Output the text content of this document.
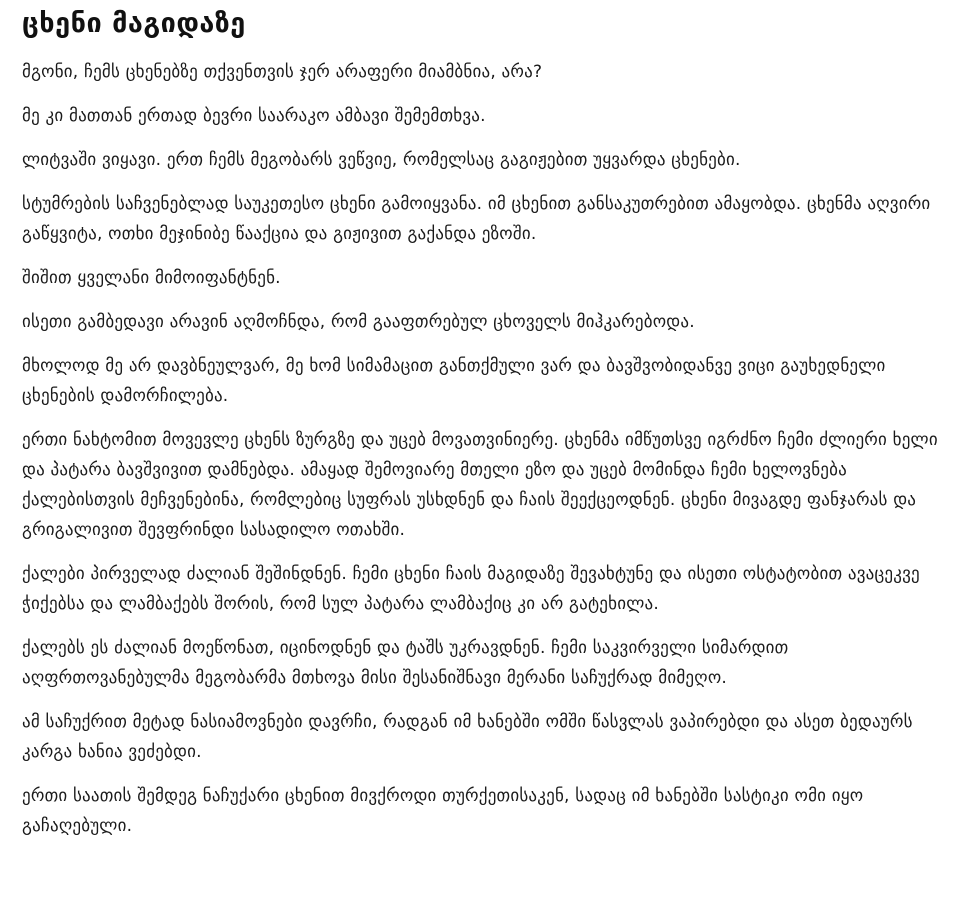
ცხენი მაგიდაზე

მგონი, ჩემს ცხენებზე თქვენთვის ჯერ არაფერი მიამბნია, არა?

მე კი მათთან ერთად ბევრი საარაკო ამბავი შემემთხვა.

ლიტვაში ვიყავი. ერთ ჩემს მეგობარს ვეწვიე, რომელსაც გაგიჟებით უყვარდა ცხენები.

სტუმრების საჩვენებლად საუკეთესო ცხენი გამოიყვანა. იმ ცხენით განსაკუთრებით ამაყობდა. ცხენმა აღვირი გაწყვიტა, ოთხი მეჯინიბე წააქცია და გიჟივით გაქანდა ეზოში.

შიშით ყველანი მიმოიფანტნენ.

ისეთი გამბედავი არავინ აღმოჩნდა, რომ გააფთრებულ ცხოველს მიჰკარებოდა.

მხოლოდ მე არ დავბნეულვარ, მე ხომ სიმამაცით განთქმული ვარ და ბავშვობიდანვე ვიცი გაუხედნელი ცხენების დამორჩილება.

ერთი ნახტომით მოვევლე ცხენს ზურგზე და უცებ მოვათვინიერე. ცხენმა იმწუთსვე იგრძნო ჩემი ძლიერი ხელი და პატარა ბავშვივით დამნებდა. ამაყად შემოვიარე მთელი ეზო და უცებ მომინდა ჩემი ხელოვნება ქალებისთვის მეჩვენებინა, რომლებიც სუფრას უსხდნენ და ჩაის შეექცეოდნენ. ცხენი მივაგდე ფანჯარას და გრიგალივით შევფრინდი სასადილო ოთახში.

ქალები პირველად ძალიან შეშინდნენ. ჩემი ცხენი ჩაის მაგიდაზე შევახტუნე და ისეთი ოსტატობით ავაცეკვე ჭიქებსა და ლამბაქებს შორის, რომ სულ პატარა ლამბაქიც კი არ გატეხილა.

ქალებს ეს ძალიან მოეწონათ, იცინოდნენ და ტაშს უკრავდნენ. ჩემი საკვირველი სიმარდით აღფრთოვანებულმა მეგობარმა მთხოვა მისი შესანიშნავი მერანი საჩუქრად მიმეღო.

ამ საჩუქრით მეტად ნასიამოვნები დავრჩი, რადგან იმ ხანებში ომში წასვლას ვაპირებდი და ასეთ ბედაურს კარგა ხანია ვეძებდი.

ერთი საათის შემდეგ ნაჩუქარი ცხენით მივქროდი თურქეთისაკენ, სადაც იმ ხანებში სასტიკი ომი იყო გაჩაღებული.
